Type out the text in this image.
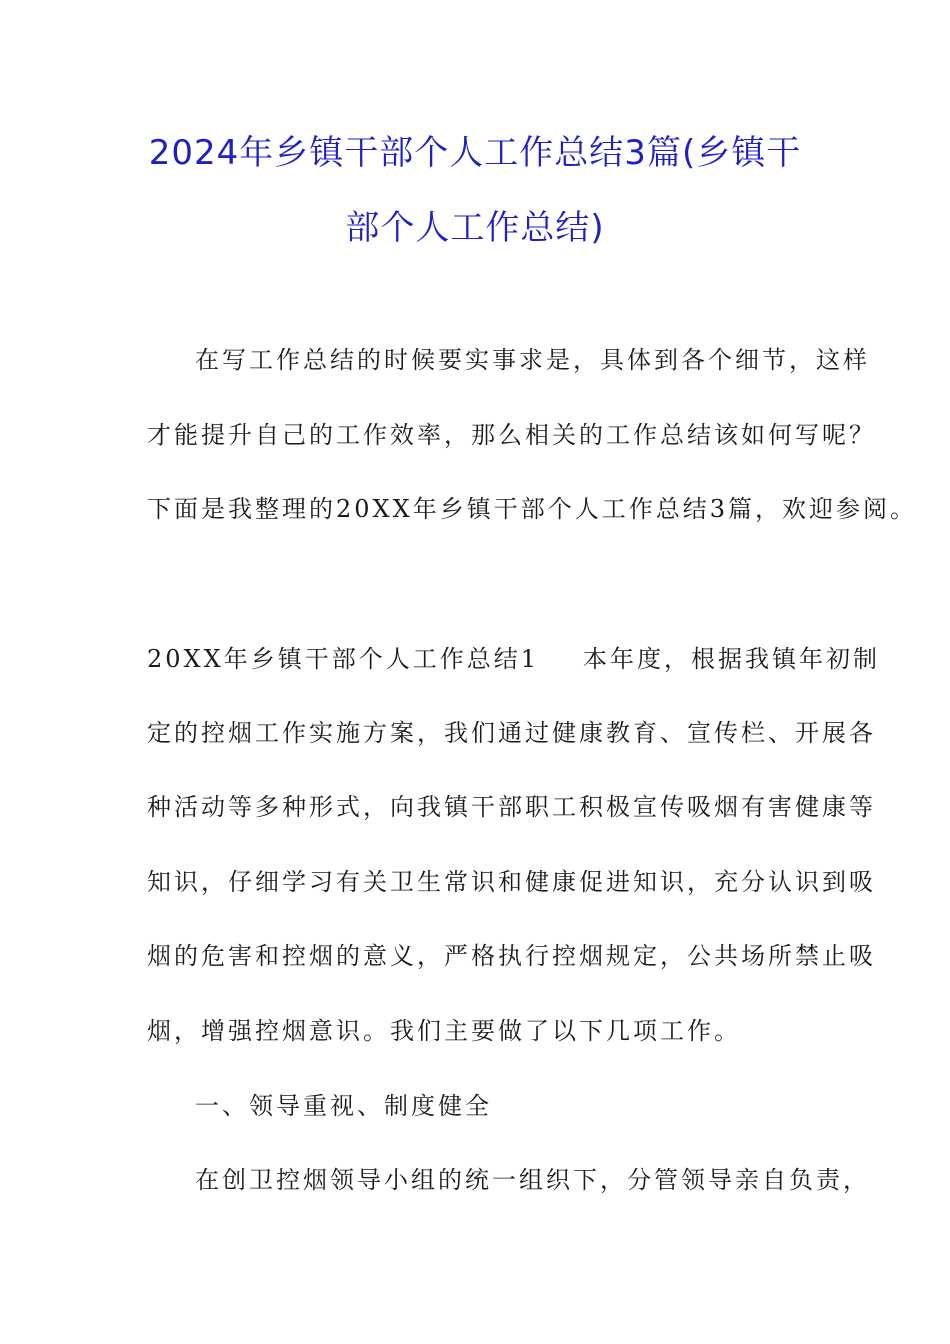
2024年乡镇干部个人工作总结3篇(乡镇干
部个人工作总结)
在写工作总结的时候要实事求是，具体到各个细节，这样
才能提升自己的工作效率，那么相关的工作总结该如何写呢？
下面是我整理的20XX年乡镇干部个人工作总结3篇，欢迎参阅。
20XX年乡镇干部个人工作总结1 本年度，根据我镇年初制
定的控烟工作实施方案，我们通过健康教育、宣传栏、开展各
种活动等多种形式，向我镇干部职工积极宣传吸烟有害健康等
知识，仔细学习有关卫生常识和健康促进知识，充分认识到吸
烟的危害和控烟的意义，严格执行控烟规定，公共场所禁止吸
烟，增强控烟意识。我们主要做了以下几项工作。
一、领导重视、制度健全
在创卫控烟领导小组的统一组织下，分管领导亲自负责，
